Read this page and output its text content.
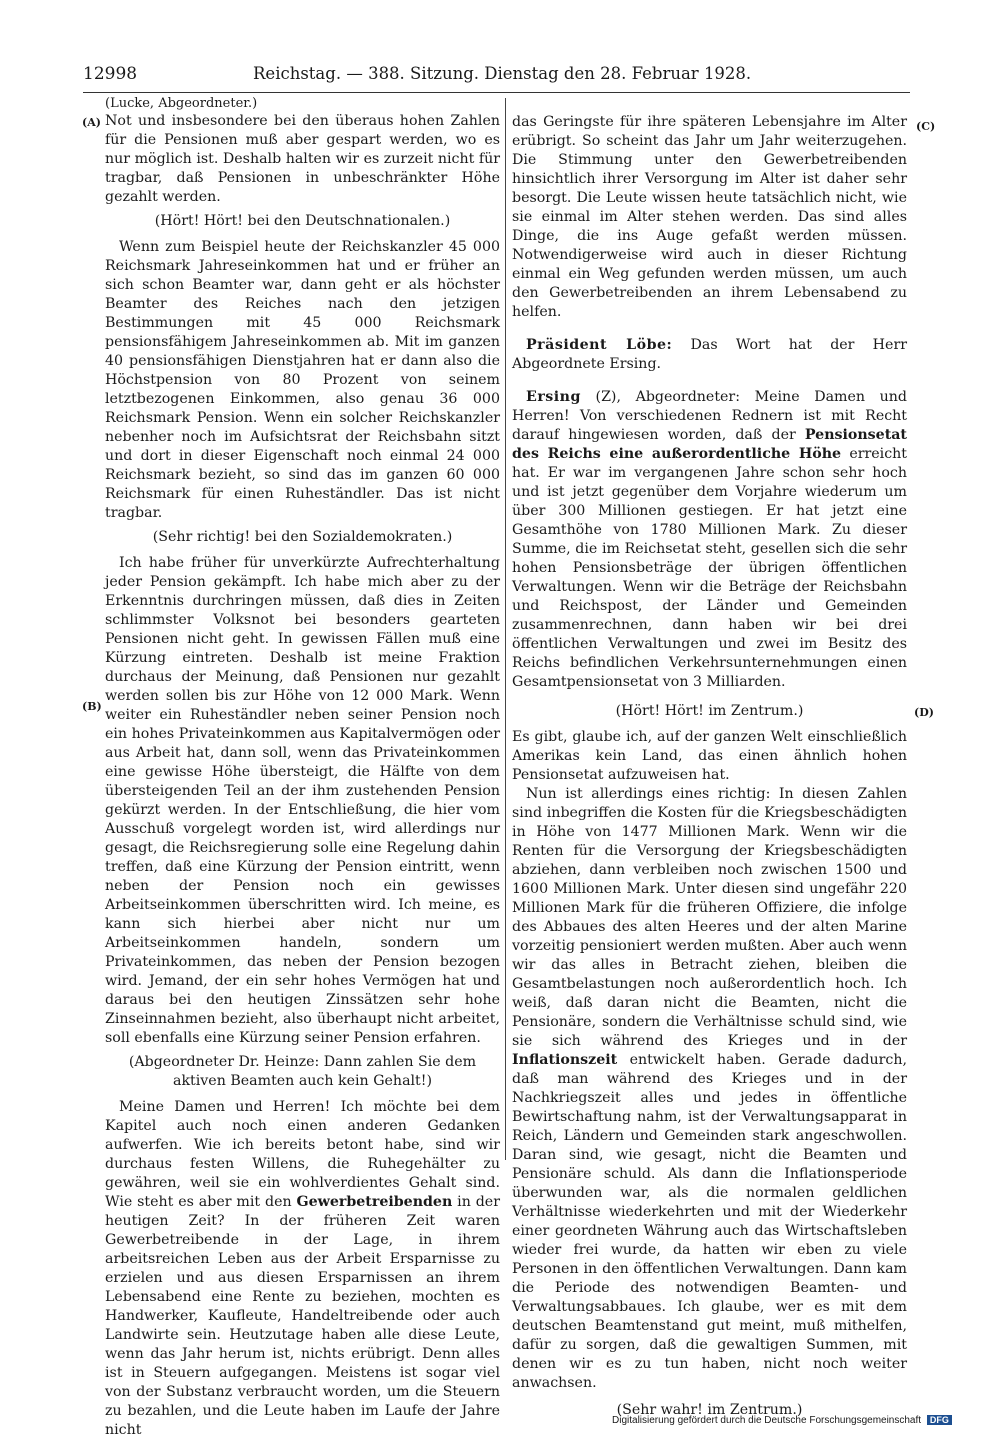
12998	Reichstag. — 388. Sitzung. Dienstag den 28. Februar 1928.
(A)
(B)
(C)
(D)
(Lucke, Abgeordneter.)

Not und insbesondere bei den überaus hohen Zahlen für die Pensionen muß aber gespart werden, wo es nur möglich ist. Deshalb halten wir es zurzeit nicht für tragbar, daß Pensionen in unbeschränkter Höhe gezahlt werden.

(Hört! Hört! bei den Deutschnationalen.)

Wenn zum Beispiel heute der Reichskanzler 45 000 Reichsmark Jahreseinkommen hat und er früher an sich schon Beamter war, dann geht er als höchster Beamter des Reiches nach den jetzigen Bestimmungen mit 45 000 Reichsmark pensionsfähigem Jahreseinkommen ab. Mit im ganzen 40 pensionsfähigen Dienstjahren hat er dann also die Höchstpension von 80 Prozent von seinem letztbezogenen Einkommen, also genau 36 000 Reichsmark Pension. Wenn ein solcher Reichskanzler nebenher noch im Aufsichtsrat der Reichsbahn sitzt und dort in dieser Eigenschaft noch einmal 24 000 Reichsmark bezieht, so sind das im ganzen 60 000 Reichsmark für einen Ruheständler. Das ist nicht tragbar.

(Sehr richtig! bei den Sozialdemokraten.)

Ich habe früher für unverkürzte Aufrechterhaltung jeder Pension gekämpft. Ich habe mich aber zu der Erkenntnis durchringen müssen, daß dies in Zeiten schlimmster Volksnot bei besonders gearteten Pensionen nicht geht. In gewissen Fällen muß eine Kürzung eintreten. Deshalb ist meine Fraktion durchaus der Meinung, daß Pensionen nur gezahlt werden sollen bis zur Höhe von 12 000 Mark. Wenn weiter ein Ruheständler neben seiner Pension noch ein hohes Privateinkommen aus Kapitalvermögen oder aus Arbeit hat, dann soll, wenn das Privateinkommen eine gewisse Höhe übersteigt, die Hälfte von dem übersteigenden Teil an der ihm zustehenden Pension gekürzt werden. In der Entschließung, die hier vom Ausschuß vorgelegt worden ist, wird allerdings nur gesagt, die Reichsregierung solle eine Regelung dahin treffen, daß eine Kürzung der Pension eintritt, wenn neben der Pension noch ein gewisses Arbeitseinkommen überschritten wird. Ich meine, es kann sich hierbei aber nicht nur um Arbeitseinkommen handeln, sondern um Privateinkommen, das neben der Pension bezogen wird. Jemand, der ein sehr hohes Vermögen hat und daraus bei den heutigen Zinssätzen sehr hohe Zinseinnahmen bezieht, also überhaupt nicht arbeitet, soll ebenfalls eine Kürzung seiner Pension erfahren.

(Abgeordneter Dr. Heinze: Dann zahlen Sie dem aktiven Beamten auch kein Gehalt!)

Meine Damen und Herren! Ich möchte bei dem Kapitel auch noch einen anderen Gedanken aufwerfen. Wie ich bereits betont habe, sind wir durchaus festen Willens, die Ruhegehälter zu gewähren, weil sie ein wohlverdientes Gehalt sind. Wie steht es aber mit den Gewerbetreibenden in der heutigen Zeit? In der früheren Zeit waren Gewerbetreibende in der Lage, in ihrem arbeitsreichen Leben aus der Arbeit Ersparnisse zu erzielen und aus diesen Ersparnissen an ihrem Lebensabend eine Rente zu beziehen, mochten es Handwerker, Kaufleute, Handeltreibende oder auch Landwirte sein. Heutzutage haben alle diese Leute, wenn das Jahr herum ist, nichts erübrigt. Denn alles ist in Steuern aufgegangen. Meistens ist sogar viel von der Substanz verbraucht worden, um die Steuern zu bezahlen, und die Leute haben im Laufe der Jahre nicht

das Geringste für ihre späteren Lebensjahre im Alter erübrigt. So scheint das Jahr um Jahr weiterzugehen. Die Stimmung unter den Gewerbetreibenden hinsichtlich ihrer Versorgung im Alter ist daher sehr besorgt. Die Leute wissen heute tatsächlich nicht, wie sie einmal im Alter stehen werden. Das sind alles Dinge, die ins Auge gefaßt werden müssen. Notwendigerweise wird auch in dieser Richtung einmal ein Weg gefunden werden müssen, um auch den Gewerbetreibenden an ihrem Lebensabend zu helfen.

Präsident Löbe: Das Wort hat der Herr Abgeordnete Ersing.

Ersing (Z), Abgeordneter: Meine Damen und Herren! Von verschiedenen Rednern ist mit Recht darauf hingewiesen worden, daß der Pensionsetat des Reichs eine außerordentliche Höhe erreicht hat. Er war im vergangenen Jahre schon sehr hoch und ist jetzt gegenüber dem Vorjahre wiederum um über 300 Millionen gestiegen. Er hat jetzt eine Gesamthöhe von 1780 Millionen Mark. Zu dieser Summe, die im Reichsetat steht, gesellen sich die sehr hohen Pensionsbeträge der übrigen öffentlichen Verwaltungen. Wenn wir die Beträge der Reichsbahn und Reichspost, der Länder und Gemeinden zusammenrechnen, dann haben wir bei drei öffentlichen Verwaltungen und zwei im Besitz des Reichs befindlichen Verkehrsunternehmungen einen Gesamtpensionsetat von 3 Milliarden.

(Hört! Hört! im Zentrum.)

Es gibt, glaube ich, auf der ganzen Welt einschließlich Amerikas kein Land, das einen ähnlich hohen Pensionsetat aufzuweisen hat.

Nun ist allerdings eines richtig: In diesen Zahlen sind inbegriffen die Kosten für die Kriegsbeschädigten in Höhe von 1477 Millionen Mark. Wenn wir die Renten für die Versorgung der Kriegsbeschädigten abziehen, dann verbleiben noch zwischen 1500 und 1600 Millionen Mark. Unter diesen sind ungefähr 220 Millionen Mark für die früheren Offiziere, die infolge des Abbaues des alten Heeres und der alten Marine vorzeitig pensioniert werden mußten. Aber auch wenn wir das alles in Betracht ziehen, bleiben die Gesamtbelastungen noch außerordentlich hoch. Ich weiß, daß daran nicht die Beamten, nicht die Pensionäre, sondern die Verhältnisse schuld sind, wie sie sich während des Krieges und in der Inflationszeit entwickelt haben. Gerade dadurch, daß man während des Krieges und in der Nachkriegszeit alles und jedes in öffentliche Bewirtschaftung nahm, ist der Verwaltungsapparat in Reich, Ländern und Gemeinden stark angeschwollen. Daran sind, wie gesagt, nicht die Beamten und Pensionäre schuld. Als dann die Inflationsperiode überwunden war, als die normalen geldlichen Verhältnisse wiederkehrten und mit der Wiederkehr einer geordneten Währung auch das Wirtschaftsleben wieder frei wurde, da hatten wir eben zu viele Personen in den öffentlichen Verwaltungen. Dann kam die Periode des notwendigen Beamten- und Verwaltungsabbaues. Ich glaube, wer es mit dem deutschen Beamtenstand gut meint, muß mithelfen, dafür zu sorgen, daß die gewaltigen Summen, mit denen wir es zu tun haben, nicht noch weiter anwachsen.

(Sehr wahr! im Zentrum.)
Digitalisierung gefördert durch die Deutsche Forschungsgemeinschaft DFG
